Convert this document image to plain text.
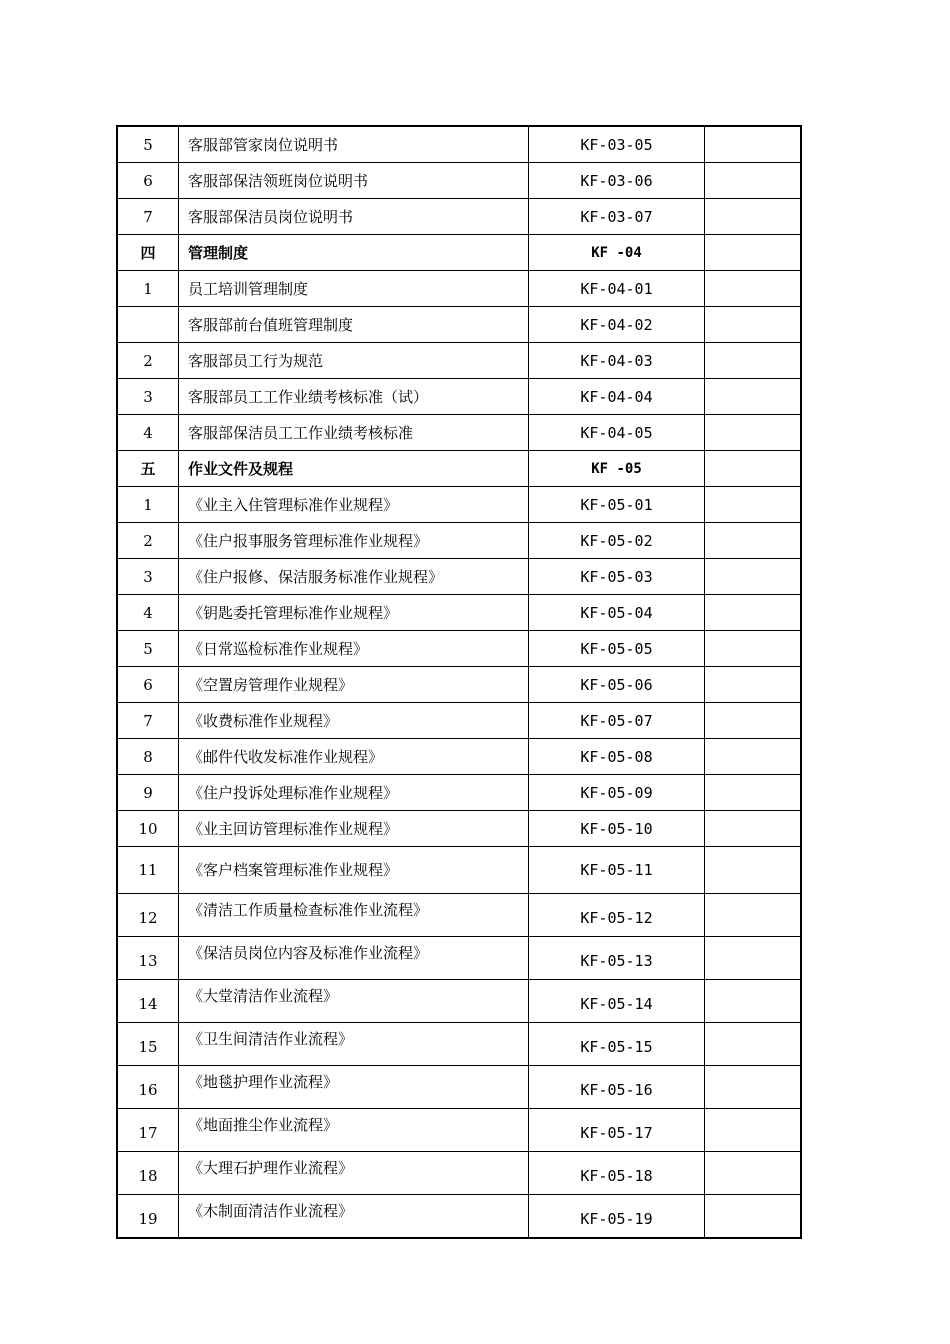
5	客服部管家岗位说明书	KF-03-05	
6	客服部保洁领班岗位说明书	KF-03-06	
7	客服部保洁员岗位说明书	KF-03-07	
四	管理制度	KF -04	
1	员工培训管理制度	KF-04-01	
	客服部前台值班管理制度	KF-04-02	
2	客服部员工行为规范	KF-04-03	
3	客服部员工工作业绩考核标准（试）	KF-04-04	
4	客服部保洁员工工作业绩考核标准	KF-04-05	
五	作业文件及规程	KF -05	
1	《业主入住管理标准作业规程》	KF-05-01	
2	《住户报事服务管理标准作业规程》	KF-05-02	
3	《住户报修、保洁服务标准作业规程》	KF-05-03	
4	《钥匙委托管理标准作业规程》	KF-05-04	
5	《日常巡检标准作业规程》	KF-05-05	
6	《空置房管理作业规程》	KF-05-06	
7	《收费标准作业规程》	KF-05-07	
8	《邮件代收发标准作业规程》	KF-05-08	
9	《住户投诉处理标准作业规程》	KF-05-09	
10	《业主回访管理标准作业规程》	KF-05-10	
11	《客户档案管理标准作业规程》	KF-05-11	
12	《清洁工作质量检查标准作业流程》	KF-05-12	
13	《保洁员岗位内容及标准作业流程》	KF-05-13	
14	《大堂清洁作业流程》	KF-05-14	
15	《卫生间清洁作业流程》	KF-05-15	
16	《地毯护理作业流程》	KF-05-16	
17	《地面推尘作业流程》	KF-05-17	
18	《大理石护理作业流程》	KF-05-18	
19	《木制面清洁作业流程》	KF-05-19	
